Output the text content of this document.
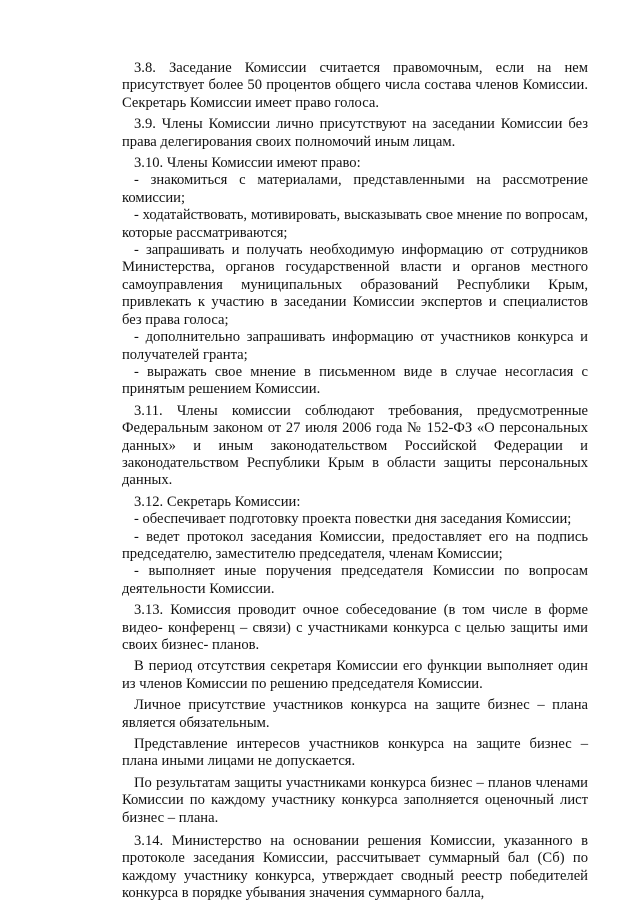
3.8. Заседание Комиссии считается правомочным, если на нем присутствует более 50 процентов общего числа состава членов Комиссии. Секретарь Комиссии имеет право голоса.

3.9. Члены Комиссии лично присутствуют на заседании Комиссии без права делегирования своих полномочий иным лицам.

3.10. Члены Комиссии имеют право:

- знакомиться с материалами, представленными на рассмотрение комиссии;

- ходатайствовать, мотивировать, высказывать свое мнение по вопросам, которые рассматриваются;

- запрашивать и получать необходимую информацию от сотрудников Министерства, органов государственной власти и органов местного самоуправления муниципальных образований Республики Крым, привлекать к участию в заседании Комиссии экспертов и специалистов без права голоса;

- дополнительно запрашивать информацию от участников конкурса и получателей гранта;

- выражать свое мнение в письменном виде в случае несогласия с принятым решением Комиссии.

3.11. Члены комиссии соблюдают требования, предусмотренные Федеральным законом от 27 июля 2006 года № 152-ФЗ «О персональных данных» и иным законодательством Российской Федерации и законодательством Республики Крым в области защиты персональных данных.

3.12. Секретарь Комиссии:

- обеспечивает подготовку проекта повестки дня заседания Комиссии;

- ведет протокол заседания Комиссии, предоставляет его на подпись председателю, заместителю председателя, членам Комиссии;

- выполняет иные поручения председателя Комиссии по вопросам деятельности Комиссии.

3.13. Комиссия проводит очное собеседование (в том числе в форме видео- конференц – связи) с участниками конкурса с целью защиты ими своих бизнес- планов.

В период отсутствия секретаря Комиссии его функции выполняет один из членов Комиссии по решению председателя Комиссии.

Личное присутствие участников конкурса на защите бизнес – плана является обязательным.

Представление интересов участников конкурса на защите бизнес – плана иными лицами не допускается.

По результатам защиты участниками конкурса бизнес – планов членами Комиссии по каждому участнику конкурса заполняется оценочный лист бизнес – плана.

3.14. Министерство на основании решения Комиссии, указанного в протоколе заседания Комиссии, рассчитывает суммарный бал (Сб) по каждому участнику конкурса, утверждает сводный реестр победителей конкурса в порядке убывания значения суммарного балла,
